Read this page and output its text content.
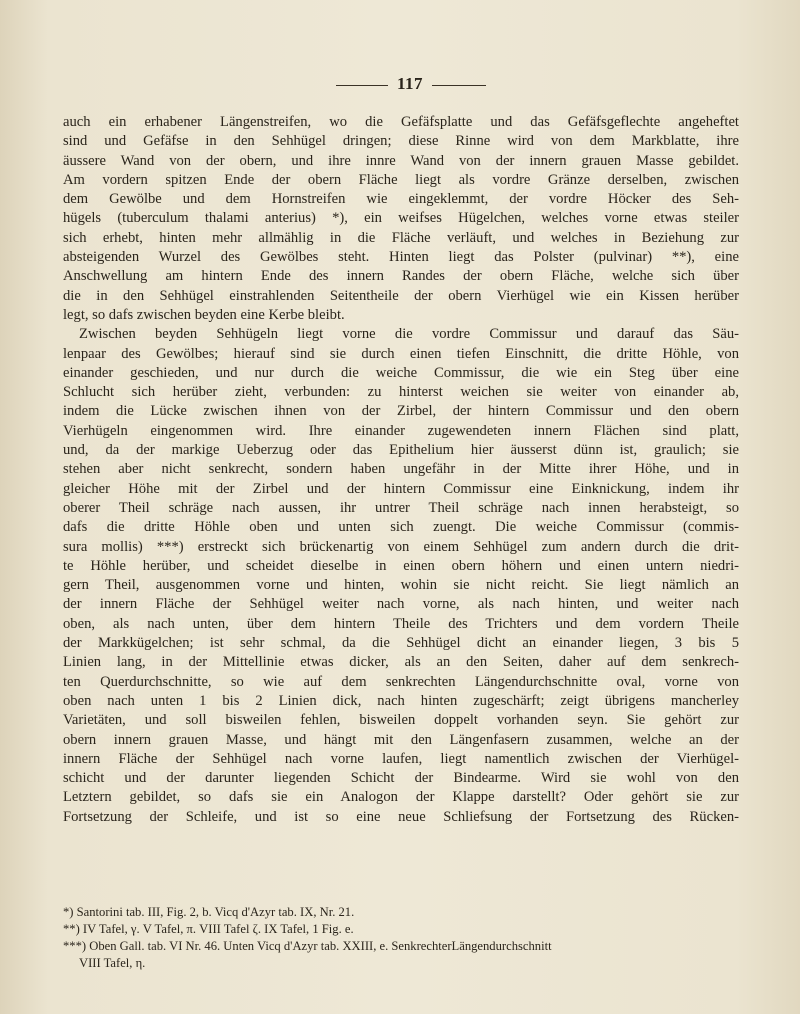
117
auch ein erhabener Längenstreifen, wo die Gefäfsplatte und das Gefäfsgeflechte angeheftet
sind und Gefäfse in den Sehhügel dringen; diese Rinne wird von dem Markblatte, ihre
äussere Wand von der obern, und ihre innre Wand von der innern grauen Masse gebildet.
Am vordern spitzen Ende der obern Fläche liegt als vordre Gränze derselben, zwischen
dem Gewölbe und dem Hornstreifen wie eingeklemmt, der vordre Höcker des Seh-
hügels (tuberculum thalami anterius) *), ein weifses Hügelchen, welches vorne etwas steiler
sich erhebt, hinten mehr allmählig in die Fläche verläuft, und welches in Beziehung zur
absteigenden Wurzel des Gewölbes steht. Hinten liegt das Polster (pulvinar) **), eine
Anschwellung am hintern Ende des innern Randes der obern Fläche, welche sich über
die in den Sehhügel einstrahlenden Seitentheile der obern Vierhügel wie ein Kissen herüber
legt, so dafs zwischen beyden eine Kerbe bleibt.
Zwischen beyden Sehhügeln liegt vorne die vordre Commissur und darauf das Säu-
lenpaar des Gewölbes; hierauf sind sie durch einen tiefen Einschnitt, die dritte Höhle, von
einander geschieden, und nur durch die weiche Commissur, die wie ein Steg über eine
Schlucht sich herüber zieht, verbunden: zu hinterst weichen sie weiter von einander ab,
indem die Lücke zwischen ihnen von der Zirbel, der hintern Commissur und den obern
Vierhügeln eingenommen wird. Ihre einander zugewendeten innern Flächen sind platt,
und, da der markige Ueberzug oder das Epithelium hier äusserst dünn ist, graulich; sie
stehen aber nicht senkrecht, sondern haben ungefähr in der Mitte ihrer Höhe, und in
gleicher Höhe mit der Zirbel und der hintern Commissur eine Einknickung, indem ihr
oberer Theil schräge nach aussen, ihr untrer Theil schräge nach innen herabsteigt, so
dafs die dritte Höhle oben und unten sich zuengt. Die weiche Commissur (commis-
sura mollis) ***) erstreckt sich brückenartig von einem Sehhügel zum andern durch die drit-
te Höhle herüber, und scheidet dieselbe in einen obern höhern und einen untern niedri-
gern Theil, ausgenommen vorne und hinten, wohin sie nicht reicht. Sie liegt nämlich an
der innern Fläche der Sehhügel weiter nach vorne, als nach hinten, und weiter nach
oben, als nach unten, über dem hintern Theile des Trichters und dem vordern Theile
der Markkügelchen; ist sehr schmal, da die Sehhügel dicht an einander liegen, 3 bis 5
Linien lang, in der Mittellinie etwas dicker, als an den Seiten, daher auf dem senkrech-
ten Querdurchschnitte, so wie auf dem senkrechten Längendurchschnitte oval, vorne von
oben nach unten 1 bis 2 Linien dick, nach hinten zugeschärft; zeigt übrigens mancherley
Varietäten, und soll bisweilen fehlen, bisweilen doppelt vorhanden seyn. Sie gehört zur
obern innern grauen Masse, und hängt mit den Längenfasern zusammen, welche an der
innern Fläche der Sehhügel nach vorne laufen, liegt namentlich zwischen der Vierhügel-
schicht und der darunter liegenden Schicht der Bindearme. Wird sie wohl von den
Letztern gebildet, so dafs sie ein Analogon der Klappe darstellt? Oder gehört sie zur
Fortsetzung der Schleife, und ist so eine neue Schliefsung der Fortsetzung des Rücken-
*) Santorini tab. III, Fig. 2, b. Vicq d'Azyr tab. IX, Nr. 21.
**) IV Tafel, γ. V Tafel, π. VIII Tafel ζ. IX Tafel, 1 Fig. e.
***) Oben Gall. tab. VI Nr. 46. Unten Vicq d'Azyr tab. XXIII, e. SenkrechterLängendurchschnitt
VIII Tafel, η.
